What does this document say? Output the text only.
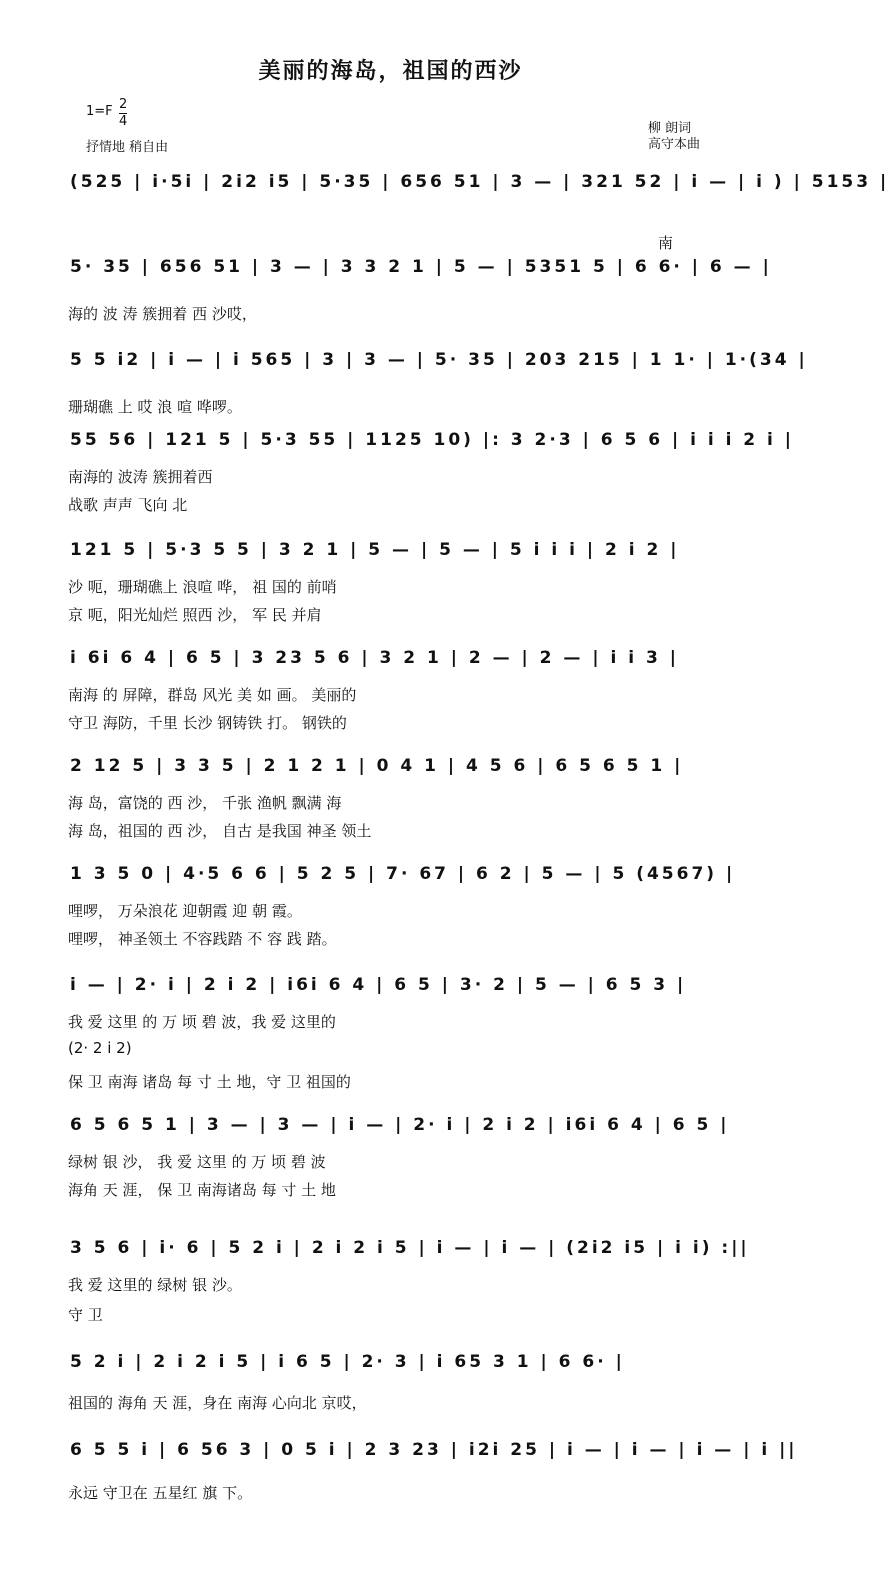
美丽的海岛，祖国的西沙
$1=F \frac{2}{4}$
抒情地 稍自由
柳 朗词
高守本曲
(525 | i·5i | 2i2 i5 | 5·35 | 656 51 | 3 — | 321 52 | i — | i ) | 5153 |
南
5· 35 | 656 51 | 3 — | 3 3 2 1 | 5 — | 5351 5 | 6 6· | 6 — |
海的 波 涛 簇拥着 西 沙哎，
5 5 i2 | i — | i 565 | 3 | 3 — | 5· 35 | 203 215 | 1 1· | 1·(34 |
珊瑚礁 上 哎 浪 喧 哗啰。
55 56 | 121 5 | 5·3 55 | 1125 10) |: 3 2·3 | 6 5 6 | i i i 2 i |
南海的 波涛 簇拥着西
战歌 声声 飞向 北
121 5 | 5·3 5 5 | 3 2 1 | 5 — | 5 — | 5 i i i | 2 i 2 |
沙 呃，珊瑚礁上 浪喧 哗， 祖 国的 前哨
京 呃，阳光灿烂 照西 沙， 军 民 并肩
i 6i 6 4 | 6 5 | 3 23 5 6 | 3 2 1 | 2 — | 2 — | i i 3 |
南海 的 屏障，群岛 风光 美 如 画。 美丽的
守卫 海防，千里 长沙 钢铸铁 打。 钢铁的
2 12 5 | 3 3 5 | 2 1 2 1 | 0 4 1 | 4 5 6 | 6 5 6 5 1 |
海 岛，富饶的 西 沙， 千张 渔帆 飘满 海
海 岛，祖国的 西 沙， 自古 是我国 神圣 领土
1 3 5 0 | 4·5 6 6 | 5 2 5 | 7· 67 | 6 2 | 5 — | 5 (4567) |
哩啰， 万朵浪花 迎朝霞 迎 朝 霞。
哩啰， 神圣领土 不容践踏 不 容 践 踏。
i — | 2· i | 2 i 2 | i6i 6 4 | 6 5 | 3· 2 | 5 — | 6 5 3 |
我 爱 这里 的 万 顷 碧 波，我 爱 这里的
(2· 2 i 2)
保 卫 南海 诸岛 每 寸 土 地，守 卫 祖国的
6 5 6 5 1 | 3 — | 3 — | i — | 2· i | 2 i 2 | i6i 6 4 | 6 5 |
绿树 银 沙， 我 爱 这里 的 万 顷 碧 波
海角 天 涯， 保 卫 南海诸岛 每 寸 土 地
3 5 6 | i· 6 | 5 2 i | 2 i 2 i 5 | i — | i — | (2i2 i5 | i i) :||
我 爱 这里的 绿树 银 沙。
守 卫
5 2 i | 2 i 2 i 5 | i 6 5 | 2· 3 | i 65 3 1 | 6 6· |
祖国的 海角 天 涯，身在 南海 心向北 京哎，
6 5 5 i | 6 56 3 | 0 5 i | 2 3 23 | i2i 25 | i — | i — | i — | i ||
永远 守卫在 五星红 旗 下。
